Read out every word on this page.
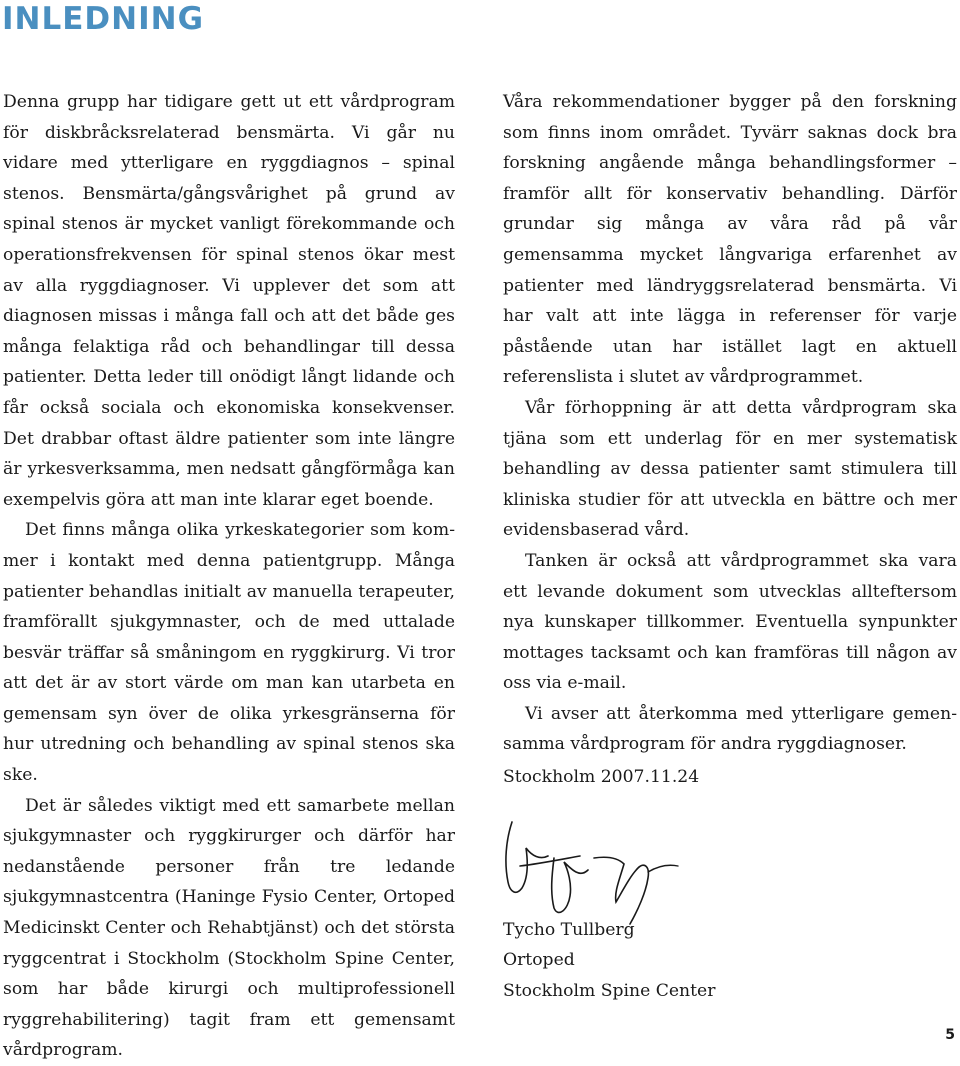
INLEDNING

Denna grupp har tidigare gett ut ett vårdprogram för diskbråcksrelaterad bensmärta. Vi går nu vidare med ytterligare en ryggdiagnos – spinal stenos. Bensmärta/gångsvårighet på grund av spinal stenos är mycket vanligt förekommande och operationsfrekvensen för spinal stenos ökar mest av alla ryggdiagnoser. Vi upplever det som att diagnosen missas i många fall och att det både ges många felaktiga råd och behandlingar till dessa patienter. Detta leder till onödigt långt lidande och får också sociala och ekonomiska konsekvenser. Det drabbar oftast äldre patienter som inte längre är yrkesverksamma, men nedsatt gångförmåga kan exempelvis göra att man inte klarar eget boende.

Det finns många olika yrkeskategorier som kommer i kontakt med denna patientgrupp. Många patienter behandlas initialt av manuella terapeuter, framförallt sjukgymnaster, och de med uttalade besvär träffar så småningom en ryggkirurg. Vi tror att det är av stort värde om man kan utarbeta en gemensam syn över de olika yrkesgränserna för hur utredning och behandling av spinal stenos ska ske.

Det är således viktigt med ett samarbete mellan sjukgymnaster och ryggkirurger och därför har nedanstående personer från tre ledande sjukgymnastcentra (Haninge Fysio Center, Ortoped Medicinskt Center och Rehabtjänst) och det största ryggcentrat i Stockholm (Stockholm Spine Center, som har både kirurgi och multiprofessionell ryggrehabilitering) tagit fram ett gemensamt vårdprogram.

Våra rekommendationer bygger på den forskning som finns inom området. Tyvärr saknas dock bra forskning angående många behandlingsformer – framför allt för konservativ behandling. Därför grundar sig många av våra råd på vår gemensamma mycket långvariga erfarenhet av patienter med ländryggsrelaterad bensmärta. Vi har valt att inte lägga in referenser för varje påstående utan har istället lagt en aktuell referenslista i slutet av vårdprogrammet.

Vår förhoppning är att detta vårdprogram ska tjäna som ett underlag för en mer systematisk behandling av dessa patienter samt stimulera till kliniska studier för att utveckla en bättre och mer evidensbaserad vård.

Tanken är också att vårdprogrammet ska vara ett levande dokument som utvecklas allteftersom nya kunskaper tillkommer. Eventuella synpunkter mottages tacksamt och kan framföras till någon av oss via e-mail.

Vi avser att återkomma med ytterligare gemensamma vårdprogram för andra ryggdiagnoser.

Stockholm 2007.11.24
Tycho Tullberg
Ortoped
Stockholm Spine Center
5
